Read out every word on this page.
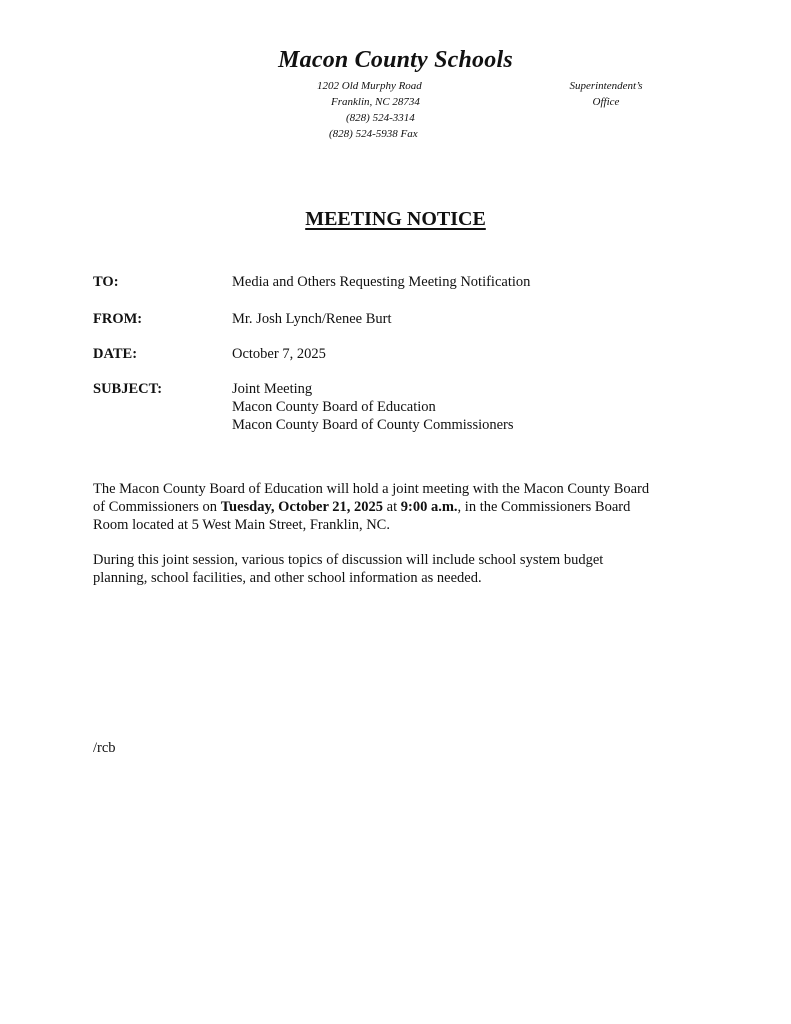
Macon County Schools
1202 Old Murphy Road
Franklin, NC 28734
(828) 524-3314
(828) 524-5938 Fax
Superintendent’s
Office
MEETING NOTICE
TO:	Media and Others Requesting Meeting Notification
FROM:	Mr. Josh Lynch/Renee Burt
DATE:	October 7, 2025
SUBJECT:	Joint Meeting
Macon County Board of Education
Macon County Board of County Commissioners
The Macon County Board of Education will hold a joint meeting with the Macon County Board
of Commissioners on Tuesday, October 21, 2025 at 9:00 a.m., in the Commissioners Board
Room located at 5 West Main Street, Franklin, NC.
During this joint session, various topics of discussion will include school system budget
planning, school facilities, and other school information as needed.
/rcb
